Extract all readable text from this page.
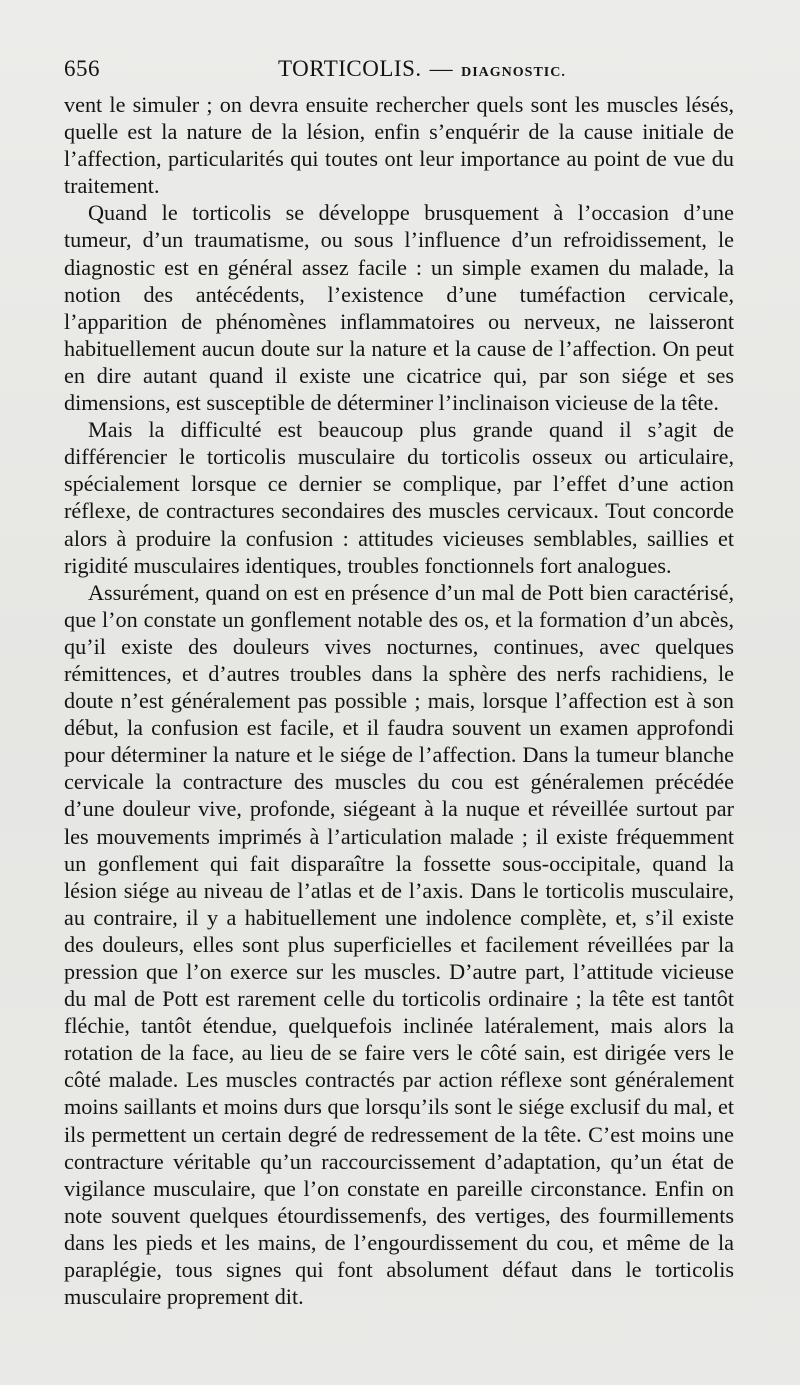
656	TORTICOLIS. — DIAGNOSTIC.

vent le simuler ; on devra ensuite rechercher quels sont les muscles lésés, quelle est la nature de la lésion, enfin s’enquérir de la cause initiale de l’affection, particularités qui toutes ont leur importance au point de vue du traitement.

Quand le torticolis se développe brusquement à l’occasion d’une tumeur, d’un traumatisme, ou sous l’influence d’un refroidissement, le diagnostic est en général assez facile : un simple examen du malade, la notion des antécédents, l’existence d’une tuméfaction cervicale, l’apparition de phénomènes inflammatoires ou nerveux, ne laisseront habituellement aucun doute sur la nature et la cause de l’affection. On peut en dire autant quand il existe une cicatrice qui, par son siége et ses dimensions, est susceptible de déterminer l’inclinaison vicieuse de la tête.

Mais la difficulté est beaucoup plus grande quand il s’agit de différencier le torticolis musculaire du torticolis osseux ou articulaire, spécialement lorsque ce dernier se complique, par l’effet d’une action réflexe, de contractures secondaires des muscles cervicaux. Tout concorde alors à produire la confusion : attitudes vicieuses semblables, saillies et rigidité musculaires identiques, troubles fonctionnels fort analogues.

Assurément, quand on est en présence d’un mal de Pott bien caractérisé, que l’on constate un gonflement notable des os, et la formation d’un abcès, qu’il existe des douleurs vives nocturnes, continues, avec quelques rémittences, et d’autres troubles dans la sphère des nerfs rachidiens, le doute n’est généralement pas possible ; mais, lorsque l’affection est à son début, la confusion est facile, et il faudra souvent un examen approfondi pour déterminer la nature et le siége de l’affection. Dans la tumeur blanche cervicale la contracture des muscles du cou est généralemen précédée d’une douleur vive, profonde, siégeant à la nuque et réveillée surtout par les mouvements imprimés à l’articulation malade ; il existe fréquemment un gonflement qui fait disparaître la fossette sous-occipitale, quand la lésion siége au niveau de l’atlas et de l’axis. Dans le torticolis musculaire, au contraire, il y a habituellement une indolence complète, et, s’il existe des douleurs, elles sont plus superficielles et facilement réveillées par la pression que l’on exerce sur les muscles. D’autre part, l’attitude vicieuse du mal de Pott est rarement celle du torticolis ordinaire ; la tête est tantôt fléchie, tantôt étendue, quelquefois inclinée latéralement, mais alors la rotation de la face, au lieu de se faire vers le côté sain, est dirigée vers le côté malade. Les muscles contractés par action réflexe sont généralement moins saillants et moins durs que lorsqu’ils sont le siége exclusif du mal, et ils permettent un certain degré de redressement de la tête. C’est moins une contracture véritable qu’un raccourcissement d’adaptation, qu’un état de vigilance musculaire, que l’on constate en pareille circonstance. Enfin on note souvent quelques étourdissemenfs, des vertiges, des fourmillements dans les pieds et les mains, de l’engourdissement du cou, et même de la paraplégie, tous signes qui font absolument défaut dans le torticolis musculaire proprement dit.
